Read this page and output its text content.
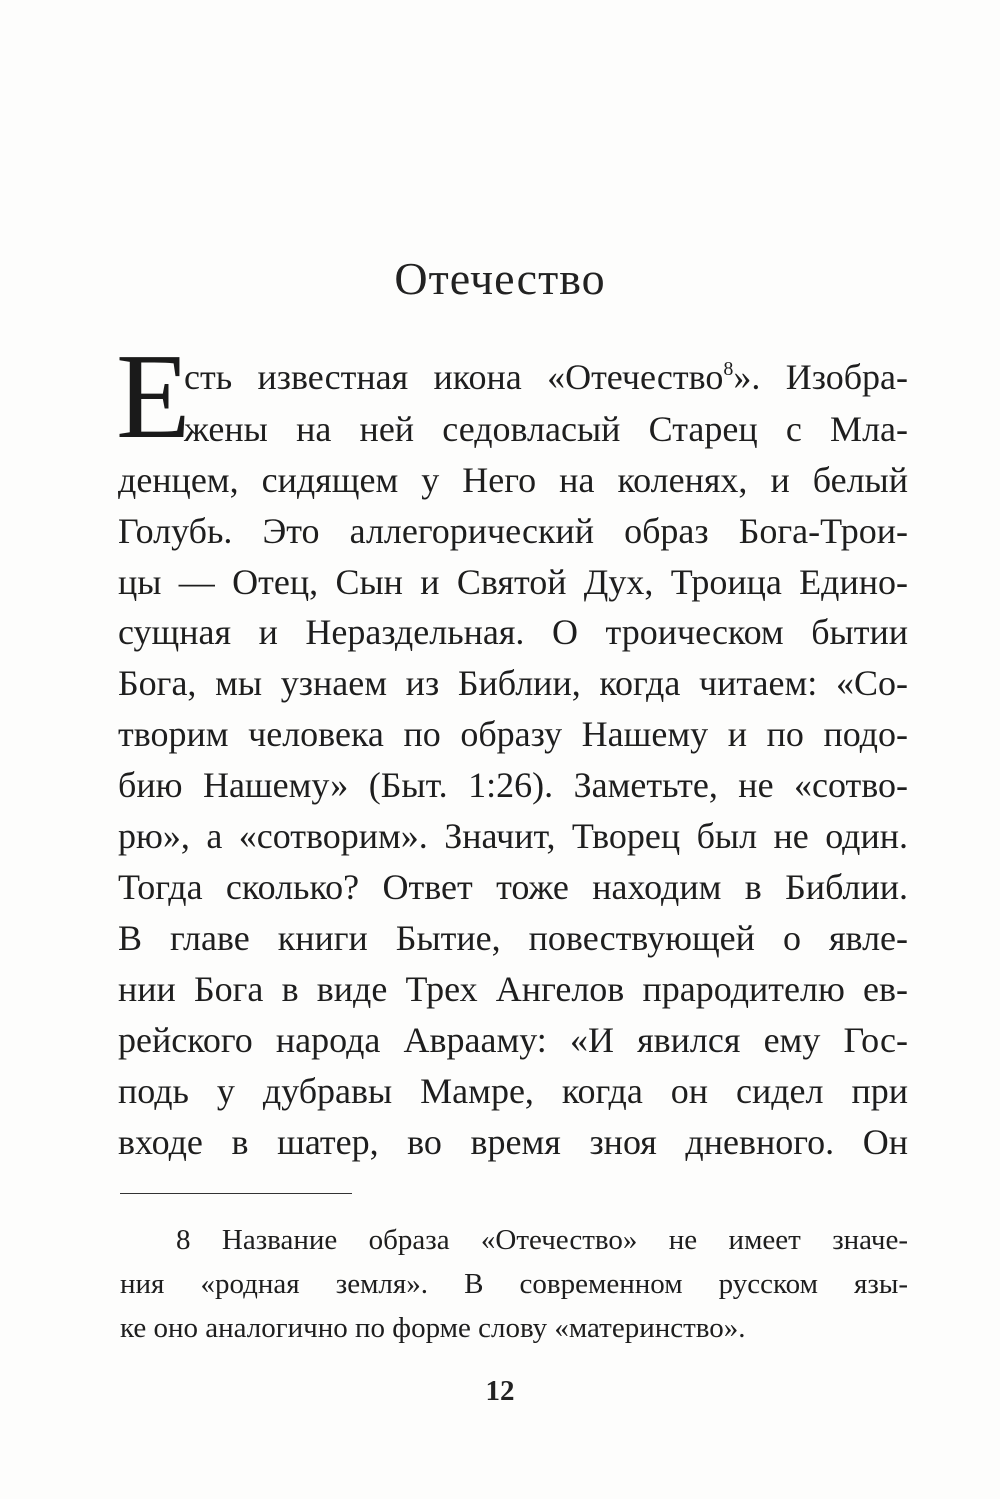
Отечество
Е
сть известная икона «Отечество$^8$». Изобра-
жены на ней седовласый Старец с Мла-
денцем, сидящем у Него на коленях, и белый
Голубь. Это аллегорический образ Бога-Трои-
цы — Отец, Сын и Святой Дух, Троица Едино-
сущная и Нераздельная. О троическом бытии
Бога, мы узнаем из Библии, когда читаем: «Со-
творим человека по образу Нашему и по подо-
бию Нашему» (Быт. 1:26). Заметьте, не «сотво-
рю», а «сотворим». Значит, Творец был не один.
Тогда сколько? Ответ тоже находим в Библии.
В главе книги Бытие, повествующей о явле-
нии Бога в виде Трех Ангелов прародителю ев-
рейского народа Аврааму: «И явился ему Гос-
подь у дубравы Мамре, когда он сидел при
входе в шатер, во время зноя дневного. Он
8 Название образа «Отечество» не имеет значе-
ния «родная земля». В современном русском язы-
ке оно аналогично по форме слову «материнство».
12
